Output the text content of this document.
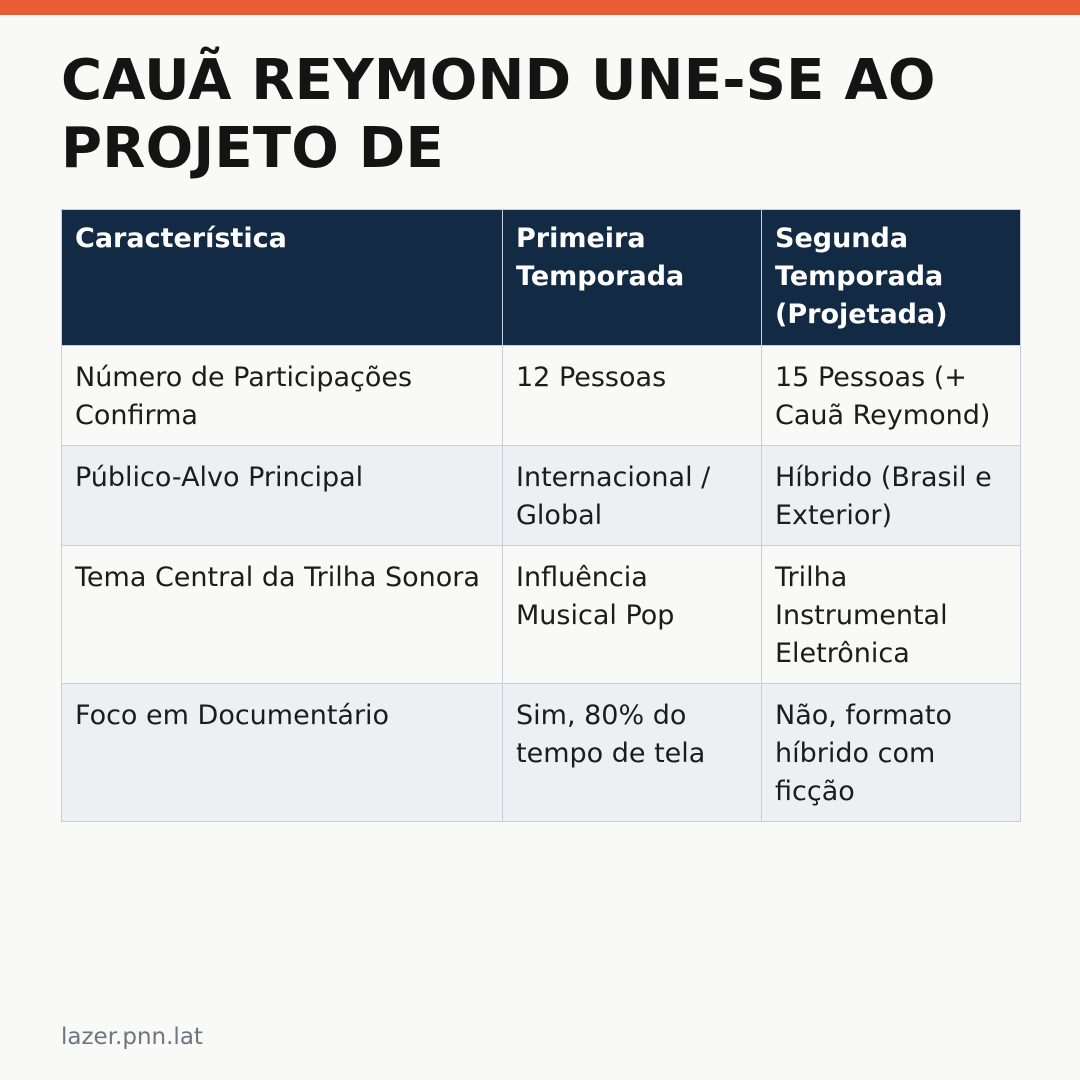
CAUÃ REYMOND UNE-SE AO PROJETO DE
Característica	Primeira Temporada	Segunda Temporada (Projetada)
Número de Participações Confirma	12 Pessoas	15 Pessoas (+ Cauã Reymond)
Público-Alvo Principal	Internacional / Global	Híbrido (Brasil e Exterior)
Tema Central da Trilha Sonora	Influência Musical Pop	Trilha Instrumental Eletrônica
Foco em Documentário	Sim, 80% do tempo de tela	Não, formato híbrido com ficção
lazer.pnn.lat
